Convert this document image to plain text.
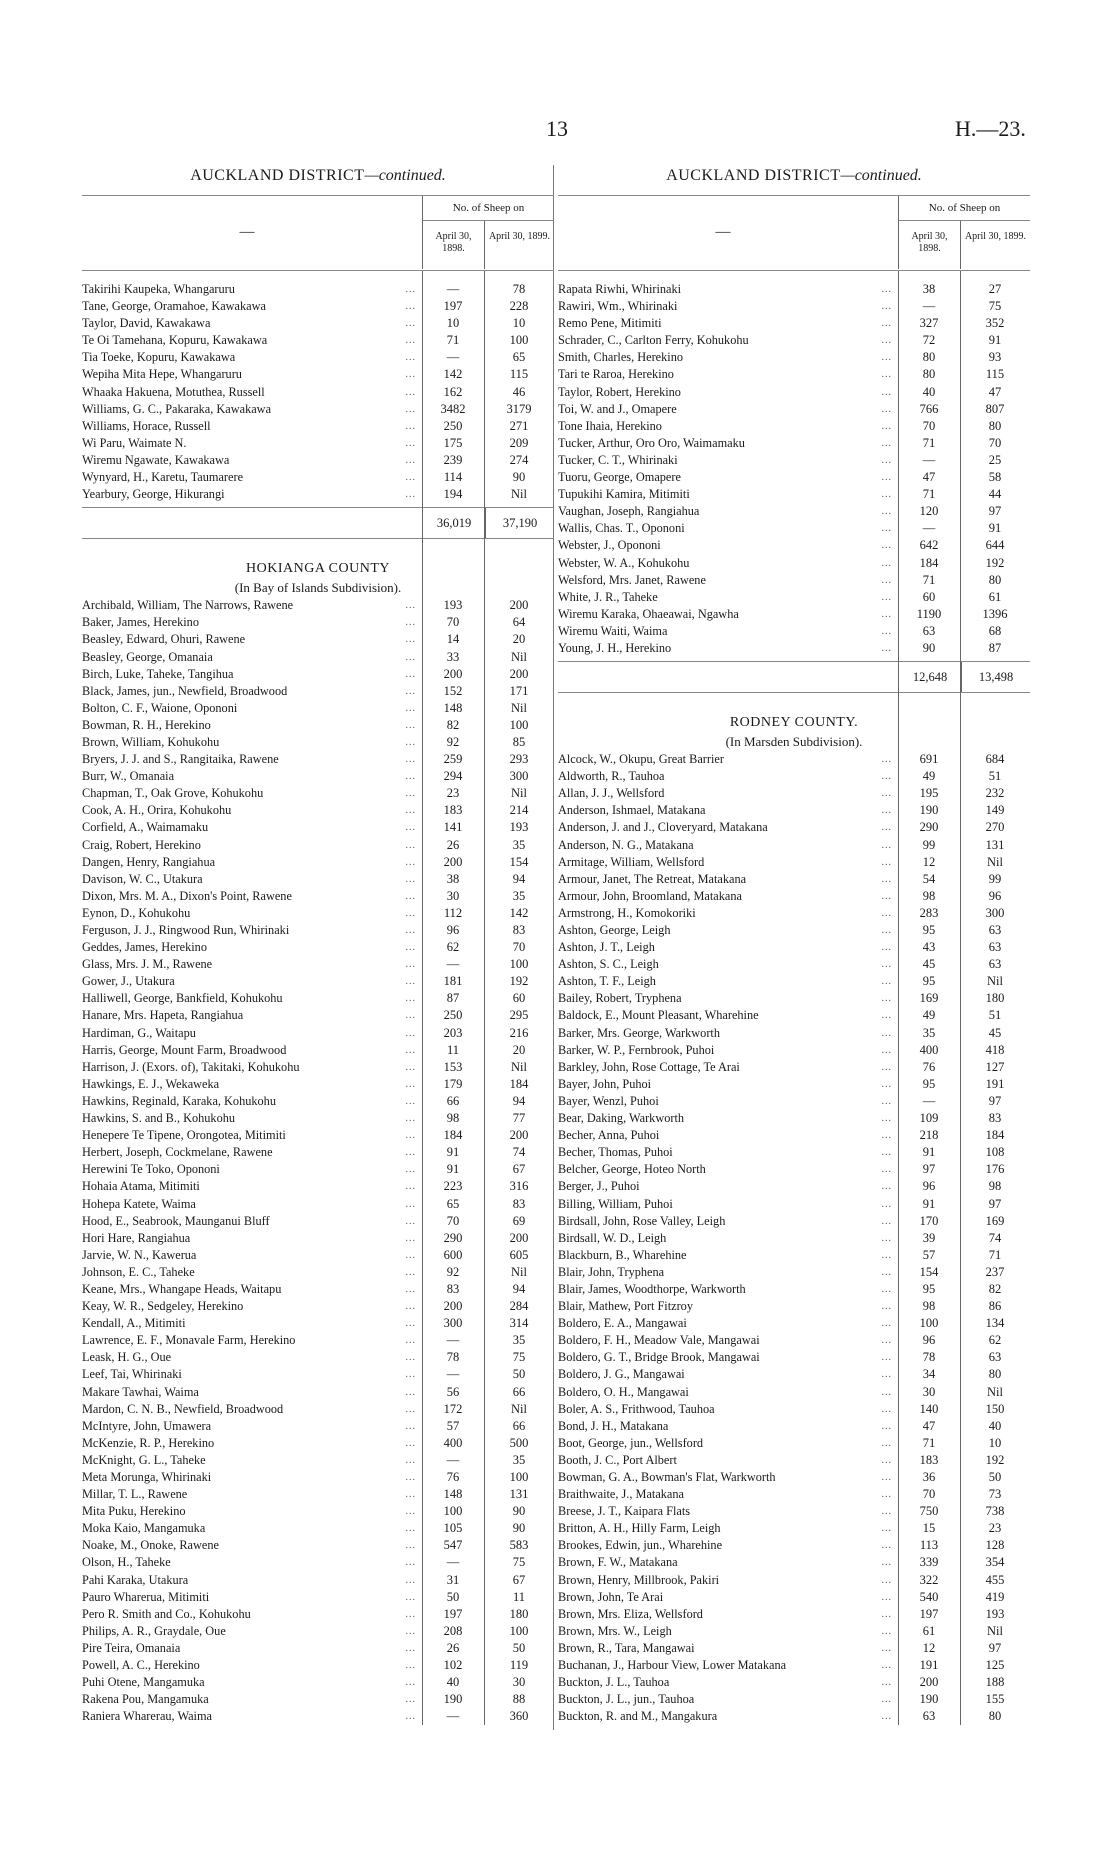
13	H.—23.
AUCKLAND DISTRICT—continued.
—
No. of Sheep on
April 30, 1898.
April 30, 1899.
Takirihi Kaupeka, Whangaruru ...	—	78
Tane, George, Oramahoe, Kawakawa ...	197	228
Taylor, David, Kawakawa ...	10	10
Te Oi Tamehana, Kopuru, Kawakawa ...	71	100
Tia Toeke, Kopuru, Kawakawa ...	—	65
Wepiha Mita Hepe, Whangaruru ...	142	115
Whaaka Hakuena, Motuthea, Russell ...	162	46
Williams, G. C., Pakaraka, Kawakawa ...	3482	3179
Williams, Horace, Russell ...	250	271
Wi Paru, Waimate N. ...	175	209
Wiremu Ngawate, Kawakawa ...	239	274
Wynyard, H., Karetu, Taumarere ...	114	90
Yearbury, George, Hikurangi ...	194	Nil
36,019	37,190
HOKIANGA COUNTY
(In Bay of Islands Subdivision).
Archibald, William, The Narrows, Rawene ...	193	200
Baker, James, Herekino ...	70	64
Beasley, Edward, Ohuri, Rawene ...	14	20
Beasley, George, Omanaia ...	33	Nil
Birch, Luke, Taheke, Tangihua ...	200	200
Black, James, jun., Newfield, Broadwood ...	152	171
Bolton, C. F., Waione, Opononi ...	148	Nil
Bowman, R. H., Herekino ...	82	100
Brown, William, Kohukohu ...	92	85
Bryers, J. J. and S., Rangitaika, Rawene ...	259	293
Burr, W., Omanaia ...	294	300
Chapman, T., Oak Grove, Kohukohu ...	23	Nil
Cook, A. H., Orira, Kohukohu ...	183	214
Corfield, A., Waimamaku ...	141	193
Craig, Robert, Herekino ...	26	35
Dangen, Henry, Rangiahua ...	200	154
Davison, W. C., Utakura ...	38	94
Dixon, Mrs. M. A., Dixon's Point, Rawene ...	30	35
Eynon, D., Kohukohu ...	112	142
Ferguson, J. J., Ringwood Run, Whirinaki ...	96	83
Geddes, James, Herekino ...	62	70
Glass, Mrs. J. M., Rawene ...	—	100
Gower, J., Utakura ...	181	192
Halliwell, George, Bankfield, Kohukohu ...	87	60
Hanare, Mrs. Hapeta, Rangiahua ...	250	295
Hardiman, G., Waitapu ...	203	216
Harris, George, Mount Farm, Broadwood ...	11	20
Harrison, J. (Exors. of), Takitaki, Kohukohu ...	153	Nil
Hawkings, E. J., Wekaweka ...	179	184
Hawkins, Reginald, Karaka, Kohukohu ...	66	94
Hawkins, S. and B., Kohukohu ...	98	77
Henepere Te Tipene, Orongotea, Mitimiti ...	184	200
Herbert, Joseph, Cockmelane, Rawene ...	91	74
Herewini Te Toko, Opononi ...	91	67
Hohaia Atama, Mitimiti ...	223	316
Hohepa Katete, Waima ...	65	83
Hood, E., Seabrook, Maunganui Bluff ...	70	69
Hori Hare, Rangiahua ...	290	200
Jarvie, W. N., Kawerua ...	600	605
Johnson, E. C., Taheke ...	92	Nil
Keane, Mrs., Whangape Heads, Waitapu ...	83	94
Keay, W. R., Sedgeley, Herekino ...	200	284
Kendall, A., Mitimiti ...	300	314
Lawrence, E. F., Monavale Farm, Herekino ...	—	35
Leask, H. G., Oue ...	78	75
Leef, Tai, Whirinaki ...	—	50
Makare Tawhai, Waima ...	56	66
Mardon, C. N. B., Newfield, Broadwood ...	172	Nil
McIntyre, John, Umawera ...	57	66
McKenzie, R. P., Herekino ...	400	500
McKnight, G. L., Taheke ...	—	35
Meta Morunga, Whirinaki ...	76	100
Millar, T. L., Rawene ...	148	131
Mita Puku, Herekino ...	100	90
Moka Kaio, Mangamuka ...	105	90
Noake, M., Onoke, Rawene ...	547	583
Olson, H., Taheke ...	—	75
Pahi Karaka, Utakura ...	31	67
Pauro Wharerua, Mitimiti ...	50	11
Pero R. Smith and Co., Kohukohu ...	197	180
Philips, A. R., Graydale, Oue ...	208	100
Pire Teira, Omanaia ...	26	50
Powell, A. C., Herekino ...	102	119
Puhi Otene, Mangamuka ...	40	30
Rakena Pou, Mangamuka ...	190	88
Raniera Wharerau, Waima ...	—	360
AUCKLAND DISTRICT—continued.
—
No. of Sheep on
April 30, 1898.
April 30, 1899.
Rapata Riwhi, Whirinaki ...	38	27
Rawiri, Wm., Whirinaki ...	—	75
Remo Pene, Mitimiti ...	327	352
Schrader, C., Carlton Ferry, Kohukohu ...	72	91
Smith, Charles, Herekino ...	80	93
Tari te Raroa, Herekino ...	80	115
Taylor, Robert, Herekino ...	40	47
Toi, W. and J., Omapere ...	766	807
Tone Ihaia, Herekino ...	70	80
Tucker, Arthur, Oro Oro, Waimamaku ...	71	70
Tucker, C. T., Whirinaki ...	—	25
Tuoru, George, Omapere ...	47	58
Tupukihi Kamira, Mitimiti ...	71	44
Vaughan, Joseph, Rangiahua ...	120	97
Wallis, Chas. T., Opononi ...	—	91
Webster, J., Opononi ...	642	644
Webster, W. A., Kohukohu ...	184	192
Welsford, Mrs. Janet, Rawene ...	71	80
White, J. R., Taheke ...	60	61
Wiremu Karaka, Ohaeawai, Ngawha ...	1190	1396
Wiremu Waiti, Waima ...	63	68
Young, J. H., Herekino ...	90	87
12,648	13,498
RODNEY COUNTY.
(In Marsden Subdivision).
Alcock, W., Okupu, Great Barrier ...	691	684
Aldworth, R., Tauhoa ...	49	51
Allan, J. J., Wellsford ...	195	232
Anderson, Ishmael, Matakana ...	190	149
Anderson, J. and J., Cloveryard, Matakana ...	290	270
Anderson, N. G., Matakana ...	99	131
Armitage, William, Wellsford ...	12	Nil
Armour, Janet, The Retreat, Matakana ...	54	99
Armour, John, Broomland, Matakana ...	98	96
Armstrong, H., Komokoriki ...	283	300
Ashton, George, Leigh ...	95	63
Ashton, J. T., Leigh ...	43	63
Ashton, S. C., Leigh ...	45	63
Ashton, T. F., Leigh ...	95	Nil
Bailey, Robert, Tryphena ...	169	180
Baldock, E., Mount Pleasant, Wharehine ...	49	51
Barker, Mrs. George, Warkworth ...	35	45
Barker, W. P., Fernbrook, Puhoi ...	400	418
Barkley, John, Rose Cottage, Te Arai ...	76	127
Bayer, John, Puhoi ...	95	191
Bayer, Wenzl, Puhoi ...	—	97
Bear, Daking, Warkworth ...	109	83
Becher, Anna, Puhoi ...	218	184
Becher, Thomas, Puhoi ...	91	108
Belcher, George, Hoteo North ...	97	176
Berger, J., Puhoi ...	96	98
Billing, William, Puhoi ...	91	97
Birdsall, John, Rose Valley, Leigh ...	170	169
Birdsall, W. D., Leigh ...	39	74
Blackburn, B., Wharehine ...	57	71
Blair, John, Tryphena ...	154	237
Blair, James, Woodthorpe, Warkworth ...	95	82
Blair, Mathew, Port Fitzroy ...	98	86
Boldero, E. A., Mangawai ...	100	134
Boldero, F. H., Meadow Vale, Mangawai ...	96	62
Boldero, G. T., Bridge Brook, Mangawai ...	78	63
Boldero, J. G., Mangawai ...	34	80
Boldero, O. H., Mangawai ...	30	Nil
Boler, A. S., Frithwood, Tauhoa ...	140	150
Bond, J. H., Matakana ...	47	40
Boot, George, jun., Wellsford ...	71	10
Booth, J. C., Port Albert ...	183	192
Bowman, G. A., Bowman's Flat, Warkworth ...	36	50
Braithwaite, J., Matakana ...	70	73
Breese, J. T., Kaipara Flats ...	750	738
Britton, A. H., Hilly Farm, Leigh ...	15	23
Brookes, Edwin, jun., Wharehine ...	113	128
Brown, F. W., Matakana ...	339	354
Brown, Henry, Millbrook, Pakiri ...	322	455
Brown, John, Te Arai ...	540	419
Brown, Mrs. Eliza, Wellsford ...	197	193
Brown, Mrs. W., Leigh ...	61	Nil
Brown, R., Tara, Mangawai ...	12	97
Buchanan, J., Harbour View, Lower Matakana ...	191	125
Buckton, J. L., Tauhoa ...	200	188
Buckton, J. L., jun., Tauhoa ...	190	155
Buckton, R. and M., Mangakura ...	63	80
